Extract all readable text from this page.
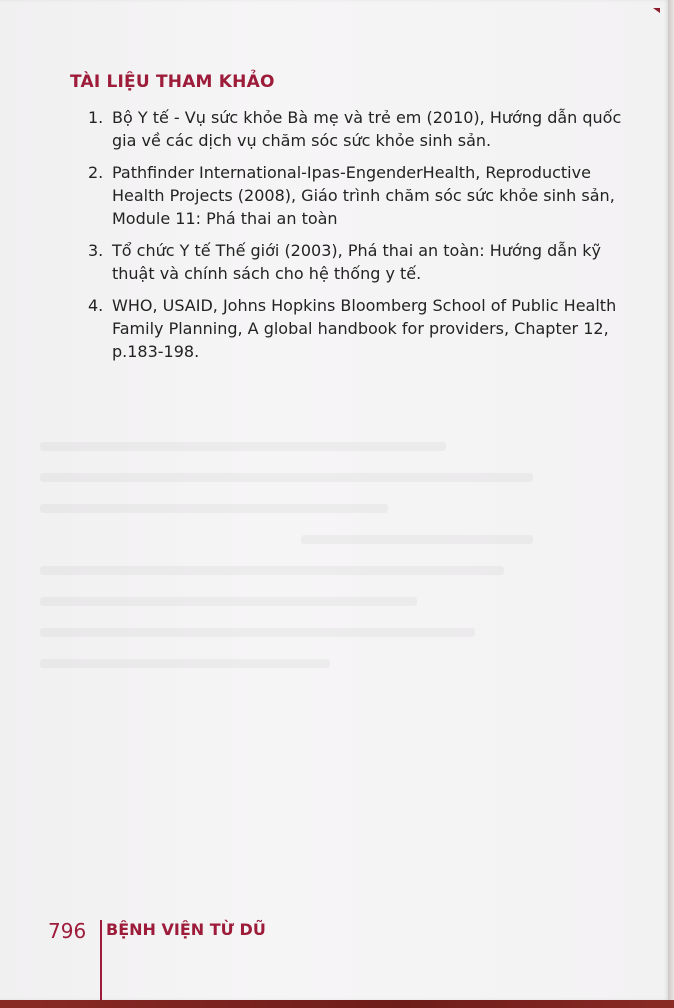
TÀI LIỆU THAM KHẢO
1. Bộ Y tế - Vụ sức khỏe Bà mẹ và trẻ em (2010), Hướng dẫn quốc gia về các dịch vụ chăm sóc sức khỏe sinh sản.
2. Pathfinder International-Ipas-EngenderHealth, Reproductive Health Projects (2008), Giáo trình chăm sóc sức khỏe sinh sản, Module 11: Phá thai an toàn
3. Tổ chức Y tế Thế giới (2003), Phá thai an toàn: Hướng dẫn kỹ thuật và chính sách cho hệ thống y tế.
4. WHO, USAID, Johns Hopkins Bloomberg School of Public Health Family Planning, A global handbook for providers, Chapter 12, p.183-198.
796 BỆNH VIỆN TỪ DŨ
